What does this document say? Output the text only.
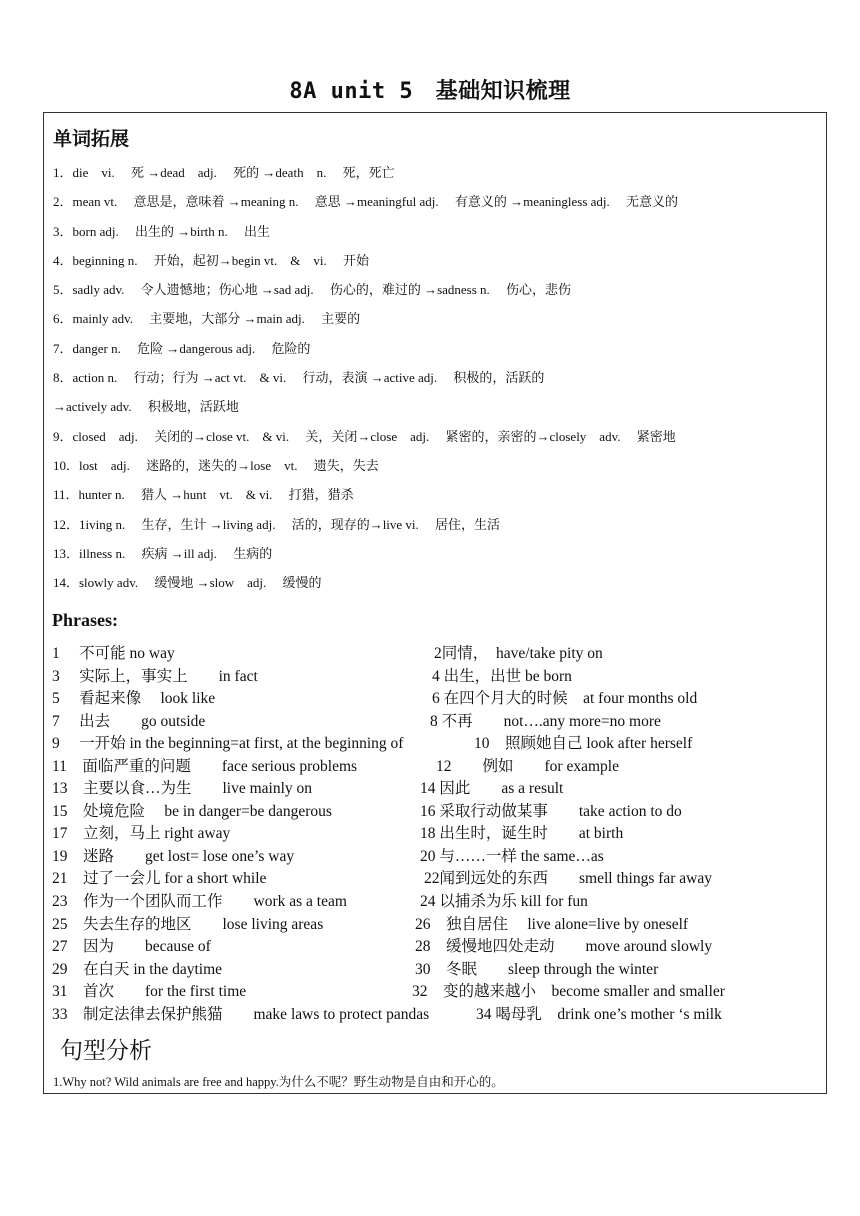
8A unit 5　基础知识梳理
单词拓展
1．die　vi.　 死 →dead　adj.　 死的 →death　n.　 死，死亡
2．mean vt.　 意思是，意味着 →meaning n.　 意思 →meaningful adj.　 有意义的 →meaningless adj.　 无意义的
3．born adj.　 出生的 →birth n.　 出生
4．beginning n.　 开始，起初→begin vt.　&　vi.　 开始
5．sadly adv.　 令人遗憾地；伤心地 →sad adj.　 伤心的，难过的 →sadness n.　 伤心，悲伤
6．mainly adv.　 主要地，大部分 →main adj.　 主要的
7．danger n.　 危险 →dangerous adj.　 危险的
8．action n.　 行动；行为 →act vt.　& vi.　 行动，表演 →active adj.　 积极的，活跃的
→actively adv.　 积极地，活跃地
9．closed　adj.　 关闭的→close vt.　& vi.　 关，关闭→close　adj.　 紧密的，亲密的→closely　adv.　 紧密地
10．lost　adj.　 迷路的，迷失的→lose　vt.　 遗失，失去
11．hunter n.　 猎人 →hunt　vt.　& vi.　 打猎，猎杀
12．1iving n.　 生存，生计 →living adj.　 活的，现存的→live vi.　 居住，生活
13．illness n.　 疾病 →ill adj.　 生病的
14．slowly adv.　 缓慢地 →slow　adj.　 缓慢的
Phrases:
1　 不可能 no way	2同情，　have/take pity on
3　 实际上，事实上　　in fact	4 出生，出世 be born
5　 看起来像　 look like	6 在四个月大的时候　at four months old
7　 出去　　go outside	8 不再　　not….any more=no more
9　 一开始 in the beginning=at first, at the beginning of	10　照顾她自己 look after herself
11　面临严重的问题　　face serious problems	12　　例如　　for example
13　主要以食…为生　　live mainly on	14 因此　　as a result
15　处境危险　 be in danger=be dangerous	16 采取行动做某事　　take action to do
17　立刻，马上 right away	18 出生时，诞生时　　at birth
19　迷路　　get lost= lose one’s way	20 与……一样 the same…as
21　过了一会儿 for a short while	22闻到远处的东西　　smell things far away
23　作为一个团队而工作　　work as a team	24 以捕杀为乐 kill for fun
25　失去生存的地区　　lose living areas	26　独自居住　 live alone=live by oneself
27　因为　　because of	28　缓慢地四处走动　　move around slowly
29　在白天 in the daytime	30　冬眠　　sleep through the winter
31　首次　　for the first time	32　变的越来越小　become smaller and smaller
33　制定法律去保护熊猫　　make laws to protect pandas	34 喝母乳　drink one’s mother ‘s milk
句型分析
1.Why not? Wild animals are free and happy.为什么不呢？野生动物是自由和开心的。
